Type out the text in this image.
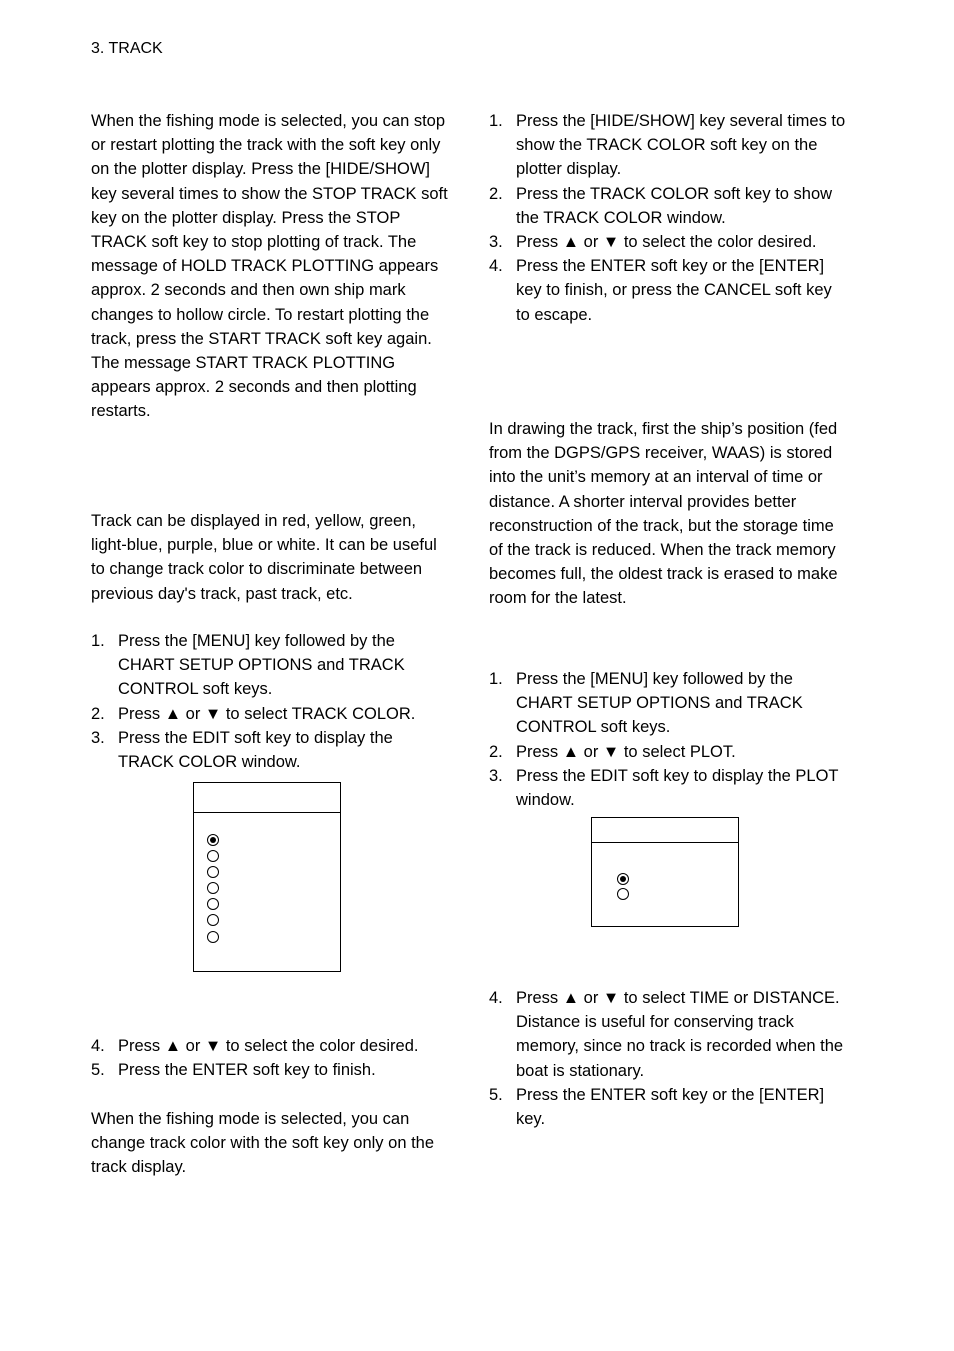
3. TRACK

When the fishing mode is selected, you can stop or restart plotting the track with the soft key only on the plotter display. Press the [HIDE/SHOW] key several times to show the STOP TRACK soft key on the plotter display. Press the STOP TRACK soft key to stop plotting of track. The message of HOLD TRACK PLOTTING appears approx. 2 seconds and then own ship mark changes to hollow circle. To restart plotting the track, press the START TRACK soft key again. The message START TRACK PLOTTING appears approx. 2 seconds and then plotting restarts.

Track can be displayed in red, yellow, green, light-blue, purple, blue or white. It can be useful to change track color to discriminate between previous day's track, past track, etc.

1. Press the [MENU] key followed by the CHART SETUP OPTIONS and TRACK CONTROL soft keys.
2. Press ▲ or ▼ to select TRACK COLOR.
3. Press the EDIT soft key to display the TRACK COLOR window.
4. Press ▲ or ▼ to select the color desired.
5. Press the ENTER soft key to finish.

When the fishing mode is selected, you can change track color with the soft key only on the track display.

1. Press the [HIDE/SHOW] key several times to show the TRACK COLOR soft key on the plotter display.
2. Press the TRACK COLOR soft key to show the TRACK COLOR window.
3. Press ▲ or ▼ to select the color desired.
4. Press the ENTER soft key or the [ENTER] key to finish, or press the CANCEL soft key to escape.

In drawing the track, first the ship’s position (fed from the DGPS/GPS receiver, WAAS) is stored into the unit’s memory at an interval of time or distance. A shorter interval provides better reconstruction of the track, but the storage time of the track is reduced. When the track memory becomes full, the oldest track is erased to make room for the latest.

1. Press the [MENU] key followed by the CHART SETUP OPTIONS and TRACK CONTROL soft keys.
2. Press ▲ or ▼ to select PLOT.
3. Press the EDIT soft key to display the PLOT window.
4. Press ▲ or ▼ to select TIME or DISTANCE. Distance is useful for conserving track memory, since no track is recorded when the boat is stationary.
5. Press the ENTER soft key or the [ENTER] key.
